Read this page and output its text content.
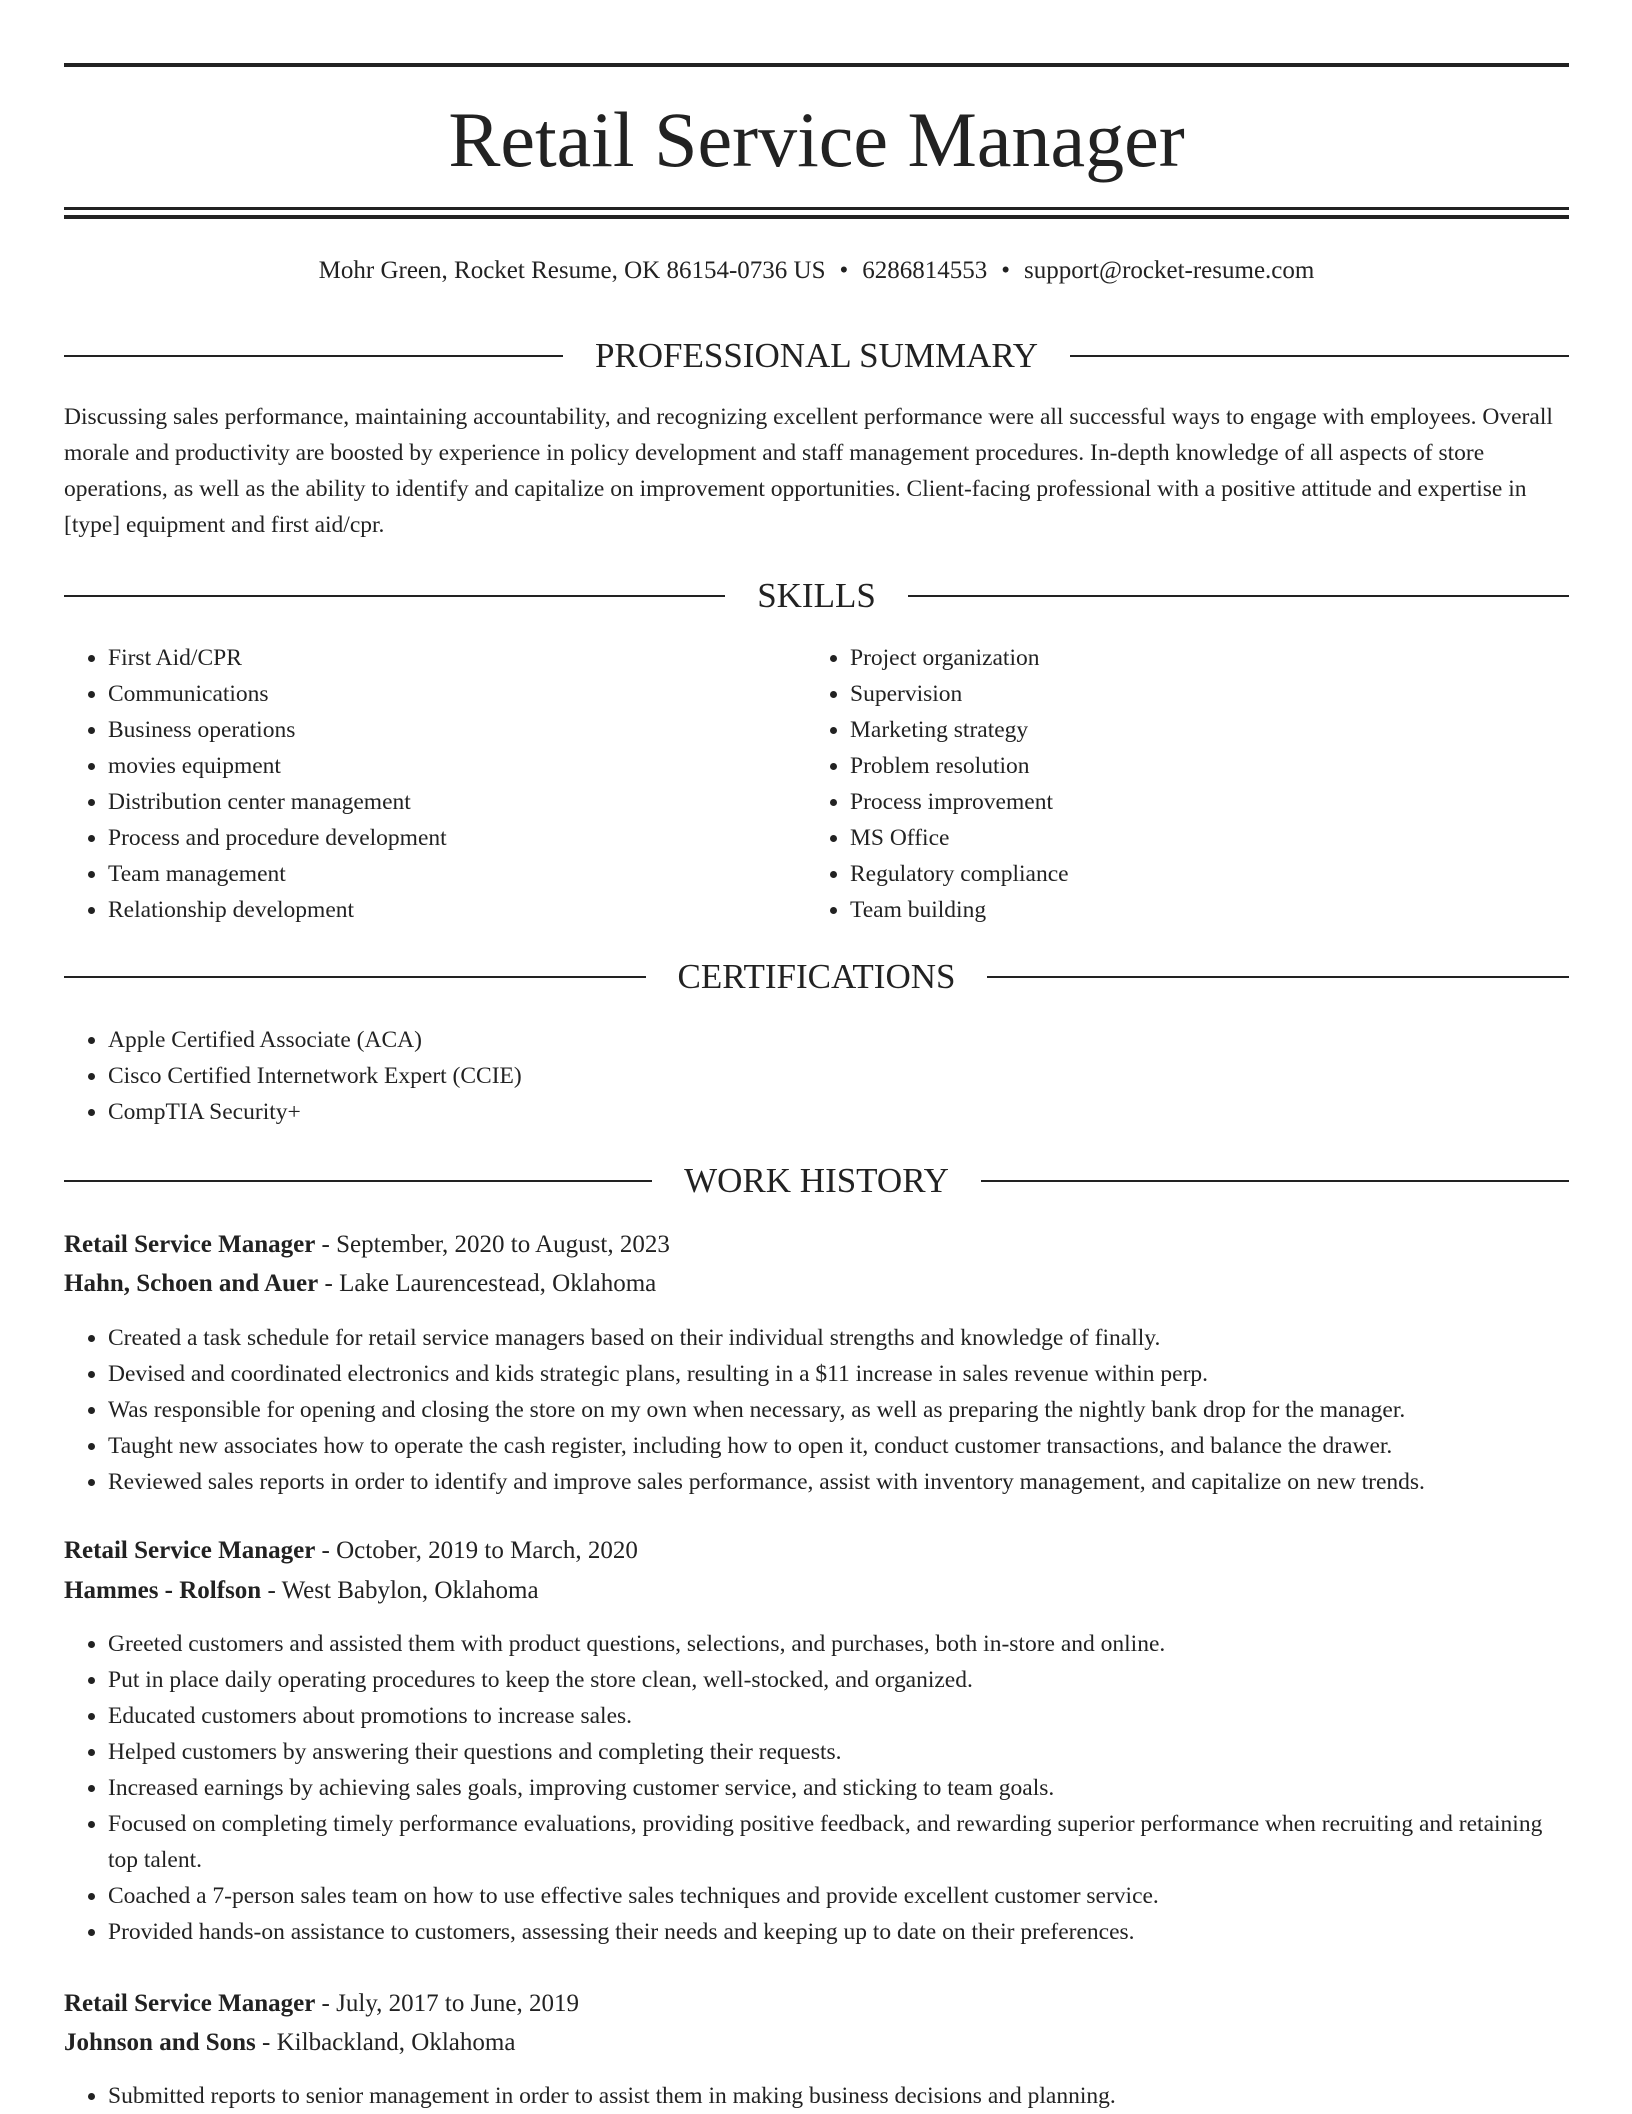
Retail Service Manager
Mohr Green, Rocket Resume, OK 86154-0736 US • 6286814553 • support@rocket-resume.com
PROFESSIONAL SUMMARY

Discussing sales performance, maintaining accountability, and recognizing excellent performance were all successful ways to engage with employees. Overall morale and productivity are boosted by experience in policy development and staff management procedures. In-depth knowledge of all aspects of store operations, as well as the ability to identify and capitalize on improvement opportunities. Client-facing professional with a positive attitude and expertise in [type] equipment and first aid/cpr.

SKILLS
• First Aid/CPR
• Communications
• Business operations
• movies equipment
• Distribution center management
• Process and procedure development
• Team management
• Relationship development
• Project organization
• Supervision
• Marketing strategy
• Problem resolution
• Process improvement
• MS Office
• Regulatory compliance
• Team building
CERTIFICATIONS
• Apple Certified Associate (ACA)
• Cisco Certified Internetwork Expert (CCIE)
• CompTIA Security+
WORK HISTORY
Retail Service Manager - September, 2020 to August, 2023
Hahn, Schoen and Auer - Lake Laurencestead, Oklahoma
• Created a task schedule for retail service managers based on their individual strengths and knowledge of finally.
• Devised and coordinated electronics and kids strategic plans, resulting in a $11 increase in sales revenue within perp.
• Was responsible for opening and closing the store on my own when necessary, as well as preparing the nightly bank drop for the manager.
• Taught new associates how to operate the cash register, including how to open it, conduct customer transactions, and balance the drawer.
• Reviewed sales reports in order to identify and improve sales performance, assist with inventory management, and capitalize on new trends.
Retail Service Manager - October, 2019 to March, 2020
Hammes - Rolfson - West Babylon, Oklahoma
• Greeted customers and assisted them with product questions, selections, and purchases, both in-store and online.
• Put in place daily operating procedures to keep the store clean, well-stocked, and organized.
• Educated customers about promotions to increase sales.
• Helped customers by answering their questions and completing their requests.
• Increased earnings by achieving sales goals, improving customer service, and sticking to team goals.
• Focused on completing timely performance evaluations, providing positive feedback, and rewarding superior performance when recruiting and retaining top talent.
• Coached a 7-person sales team on how to use effective sales techniques and provide excellent customer service.
• Provided hands-on assistance to customers, assessing their needs and keeping up to date on their preferences.
Retail Service Manager - July, 2017 to June, 2019
Johnson and Sons - Kilbackland, Oklahoma
• Submitted reports to senior management in order to assist them in making business decisions and planning.
